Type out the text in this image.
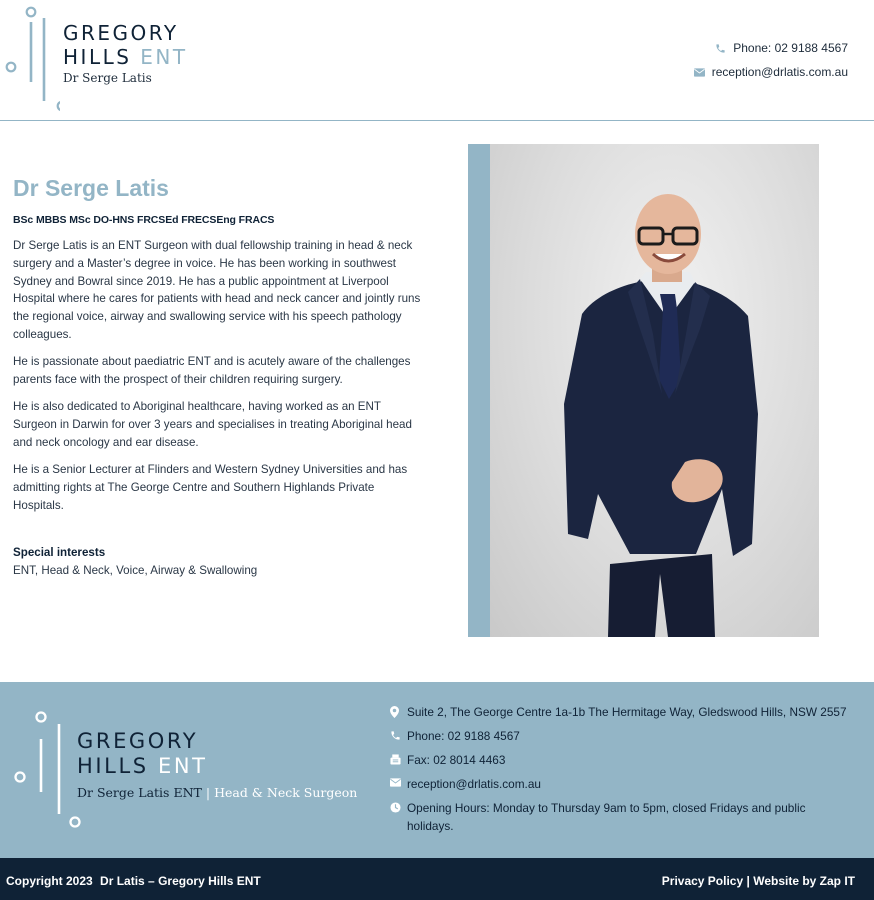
GREGORY
HILLS ENT
Dr Serge Latis
Phone: 02 9188 4567
reception@drlatis.com.au
Dr Serge Latis
BSc MBBS MSc DO-HNS FRCSEd FRECSEng FRACS

Dr Serge Latis is an ENT Surgeon with dual fellowship training in head & neck surgery and a Master’s degree in voice. He has been working in southwest Sydney and Bowral since 2019. He has a public appointment at Liverpool Hospital where he cares for patients with head and neck cancer and jointly runs the regional voice, airway and swallowing service with his speech pathology colleagues.

He is passionate about paediatric ENT and is acutely aware of the challenges parents face with the prospect of their children requiring surgery.

He is also dedicated to Aboriginal healthcare, having worked as an ENT Surgeon in Darwin for over 3 years and specialises in treating Aboriginal head and neck oncology and ear disease.

He is a Senior Lecturer at Flinders and Western Sydney Universities and has admitting rights at The George Centre and Southern Highlands Private Hospitals.

Special interests
ENT, Head & Neck, Voice, Airway & Swallowing
GREGORY
HILLS ENT
Dr Serge Latis ENT | Head & Neck Surgeon
Suite 2, The George Centre 1a-1b The Hermitage Way, Gledswood Hills, NSW 2557
Phone: 02 9188 4567
Fax: 02 8014 4463
reception@drlatis.com.au
Opening Hours: Monday to Thursday 9am to 5pm, closed Fridays and public holidays.
Copyright 2023 Dr Latis – Gregory Hills ENT	Privacy Policy | Website by Zap IT
